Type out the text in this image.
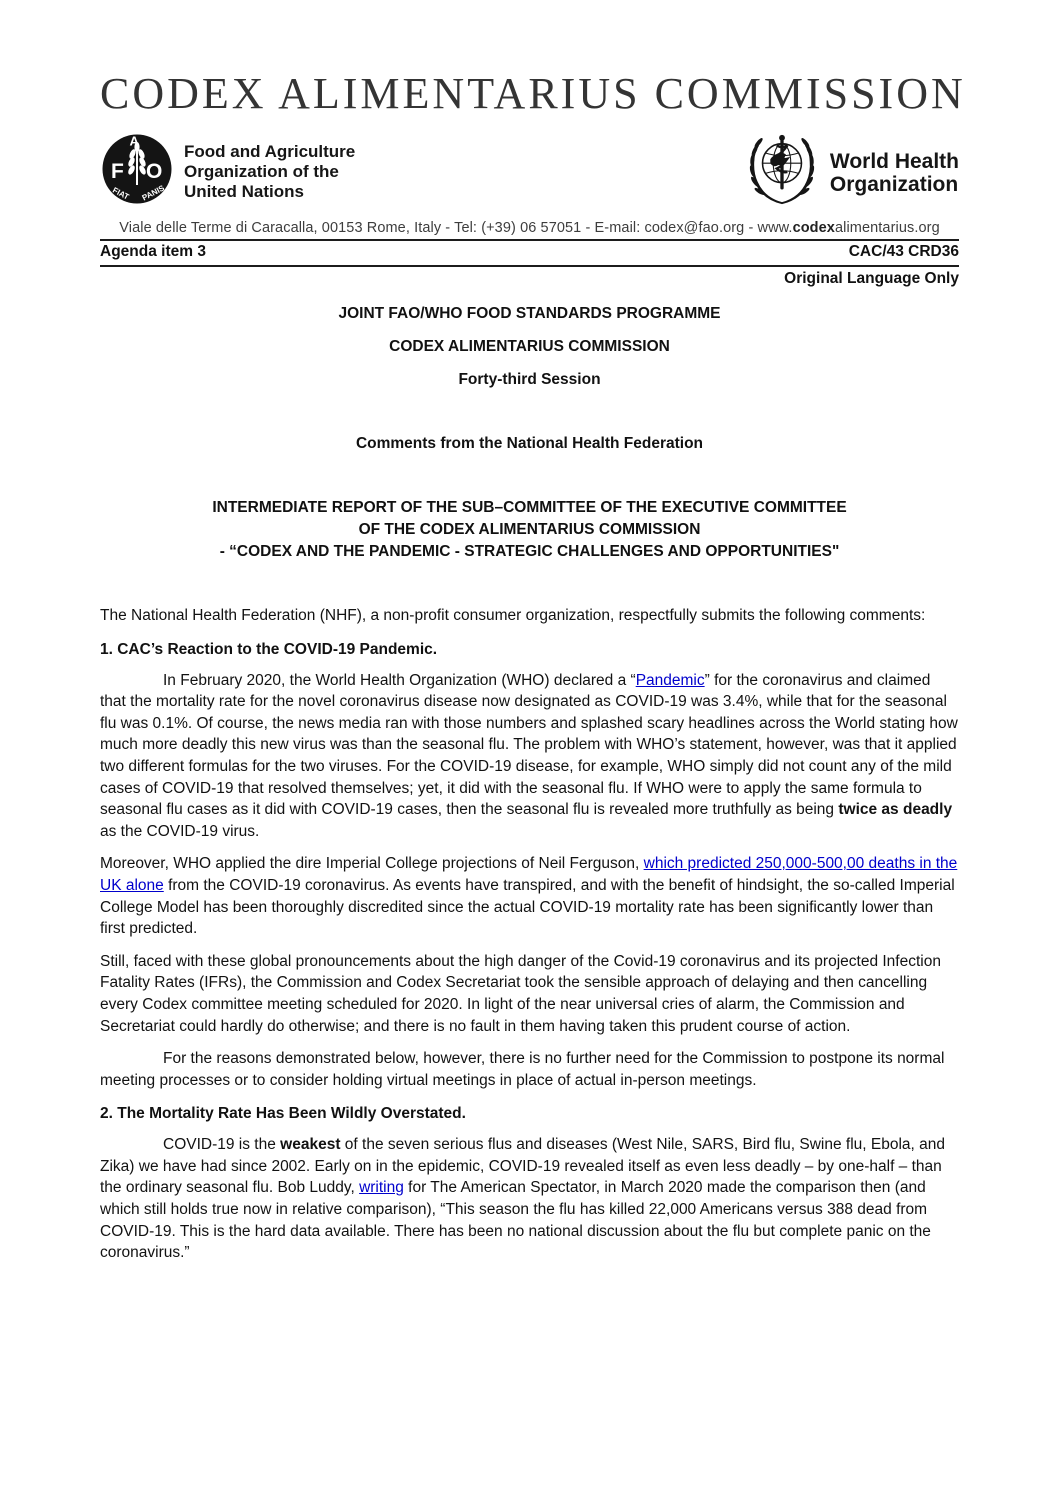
CODEX ALIMENTARIUS COMMISSION
F
A
O
FIAT PANIS
Food and Agriculture
Organization of the
United Nations
World Health
Organization
Viale delle Terme di Caracalla, 00153 Rome, Italy - Tel: (+39) 06 57051 - E-mail: codex@fao.org - www.codexalimentarius.org
Agenda item 3	CAC/43 CRD36
Original Language Only
JOINT FAO/WHO FOOD STANDARDS PROGRAMME
CODEX ALIMENTARIUS COMMISSION
Forty-third Session
Comments from the National Health Federation
INTERMEDIATE REPORT OF THE SUB–COMMITTEE OF THE EXECUTIVE COMMITTEE
OF THE CODEX ALIMENTARIUS COMMISSION
- “CODEX AND THE PANDEMIC - STRATEGIC CHALLENGES AND OPPORTUNITIES"

The National Health Federation (NHF), a non-profit consumer organization, respectfully submits the following comments:

1. CAC’s Reaction to the COVID-19 Pandemic.

In February 2020, the World Health Organization (WHO) declared a “Pandemic” for the coronavirus and claimed that the mortality rate for the novel coronavirus disease now designated as COVID-19 was 3.4%, while that for the seasonal flu was 0.1%. Of course, the news media ran with those numbers and splashed scary headlines across the World stating how much more deadly this new virus was than the seasonal flu. The problem with WHO’s statement, however, was that it applied two different formulas for the two viruses. For the COVID-19 disease, for example, WHO simply did not count any of the mild cases of COVID-19 that resolved themselves; yet, it did with the seasonal flu. If WHO were to apply the same formula to seasonal flu cases as it did with COVID-19 cases, then the seasonal flu is revealed more truthfully as being twice as deadly as the COVID-19 virus.

Moreover, WHO applied the dire Imperial College projections of Neil Ferguson, which predicted 250,000-500,00 deaths in the UK alone from the COVID-19 coronavirus. As events have transpired, and with the benefit of hindsight, the so-called Imperial College Model has been thoroughly discredited since the actual COVID-19 mortality rate has been significantly lower than first predicted.

Still, faced with these global pronouncements about the high danger of the Covid-19 coronavirus and its projected Infection Fatality Rates (IFRs), the Commission and Codex Secretariat took the sensible approach of delaying and then cancelling every Codex committee meeting scheduled for 2020. In light of the near universal cries of alarm, the Commission and Secretariat could hardly do otherwise; and there is no fault in them having taken this prudent course of action.

For the reasons demonstrated below, however, there is no further need for the Commission to postpone its normal meeting processes or to consider holding virtual meetings in place of actual in-person meetings.

2. The Mortality Rate Has Been Wildly Overstated.

COVID-19 is the weakest of the seven serious flus and diseases (West Nile, SARS, Bird flu, Swine flu, Ebola, and Zika) we have had since 2002. Early on in the epidemic, COVID-19 revealed itself as even less deadly – by one-half – than the ordinary seasonal flu. Bob Luddy, writing for The American Spectator, in March 2020 made the comparison then (and which still holds true now in relative comparison), “This season the flu has killed 22,000 Americans versus 388 dead from COVID-19. This is the hard data available. There has been no national discussion about the flu but complete panic on the coronavirus.”
